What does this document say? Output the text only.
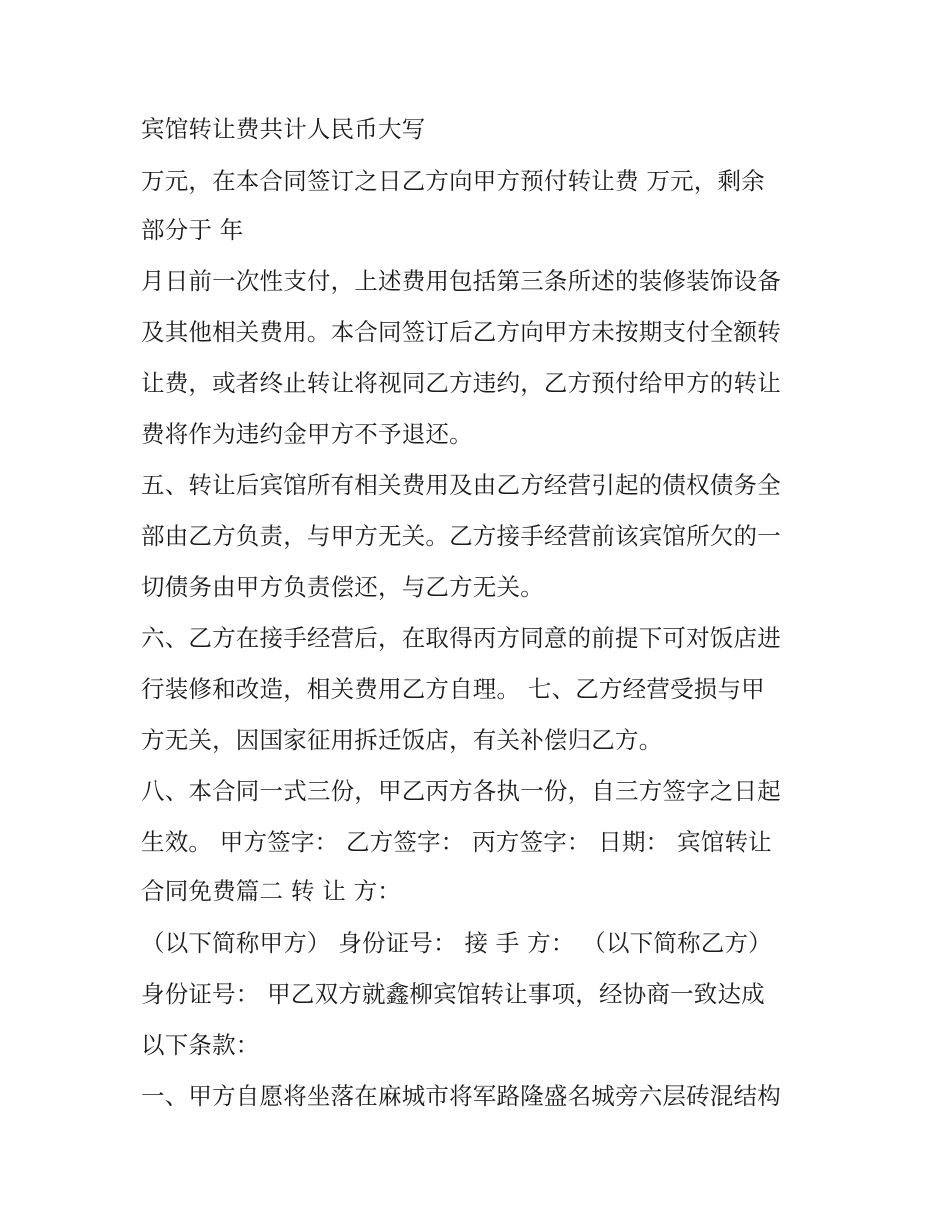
宾馆转让费共计人民币大写

万元，在本合同签订之日乙方向甲方预付转让费 万元，剩余

部分于 年

月日前一次性支付，上述费用包括第三条所述的装修装饰设备

及其他相关费用。本合同签订后乙方向甲方未按期支付全额转

让费，或者终止转让将视同乙方违约，乙方预付给甲方的转让

费将作为违约金甲方不予退还。

五、转让后宾馆所有相关费用及由乙方经营引起的债权债务全

部由乙方负责，与甲方无关。乙方接手经营前该宾馆所欠的一

切债务由甲方负责偿还，与乙方无关。

六、乙方在接手经营后，在取得丙方同意的前提下可对饭店进

行装修和改造，相关费用乙方自理。 七、乙方经营受损与甲

方无关，因国家征用拆迁饭店，有关补偿归乙方。

八、本合同一式三份，甲乙丙方各执一份，自三方签字之日起

生效。 甲方签字： 乙方签字： 丙方签字： 日期： 宾馆转让

合同免费篇二 转 让 方：

（以下简称甲方） 身份证号： 接 手 方： （以下简称乙方）

身份证号： 甲乙双方就鑫柳宾馆转让事项，经协商一致达成

以下条款：

一、甲方自愿将坐落在麻城市将军路隆盛名城旁六层砖混结构
